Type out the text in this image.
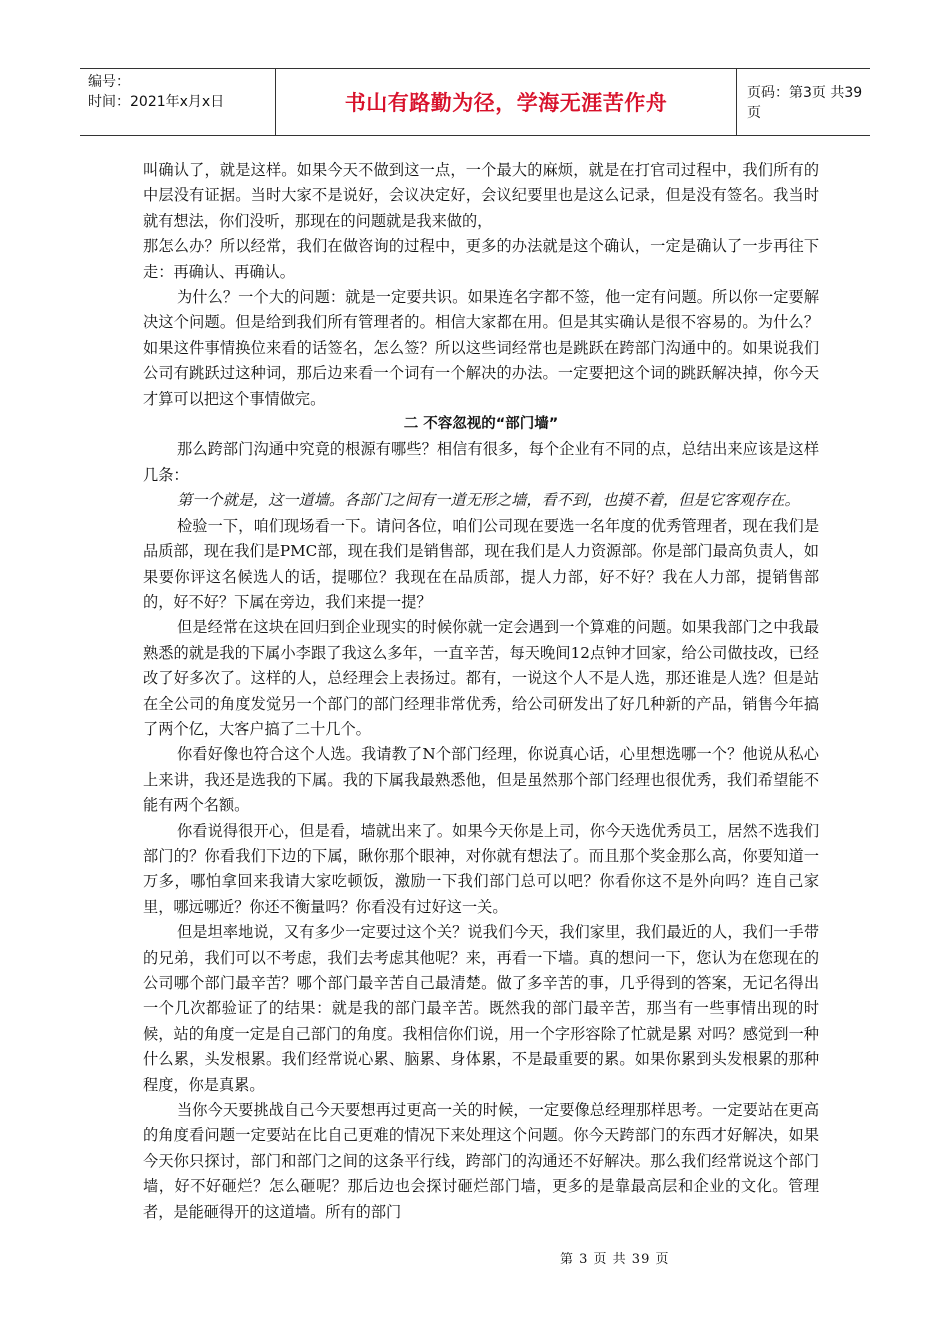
编号：
时间：2021年x月x日	书山有路勤为径，学海无涯苦作舟	页码：第3页 共39页

叫确认了，就是这样。如果今天不做到这一点，一个最大的麻烦，就是在打官司过程中，我们所有的中层没有证据。当时大家不是说好，会议决定好，会议纪要里也是这么记录，但是没有签名。我当时就有想法，你们没听，那现在的问题就是我来做的，

那怎么办？所以经常，我们在做咨询的过程中，更多的办法就是这个确认，一定是确认了一步再往下走：再确认、再确认。

为什么？一个大的问题：就是一定要共识。如果连名字都不签，他一定有问题。所以你一定要解决这个问题。但是给到我们所有管理者的。相信大家都在用。但是其实确认是很不容易的。为什么？如果这件事情换位来看的话签名，怎么签？所以这些词经常也是跳跃在跨部门沟通中的。如果说我们公司有跳跃过这种词，那后边来看一个词有一个解决的办法。一定要把这个词的跳跃解决掉，你今天才算可以把这个事情做完。

二 不容忽视的“部门墙”

那么跨部门沟通中究竟的根源有哪些？相信有很多，每个企业有不同的点，总结出来应该是这样几条：

第一个就是，这一道墙。各部门之间有一道无形之墙，看不到，也摸不着，但是它客观存在。

检验一下，咱们现场看一下。请问各位，咱们公司现在要选一名年度的优秀管理者，现在我们是品质部，现在我们是PMC部，现在我们是销售部，现在我们是人力资源部。你是部门最高负责人，如果要你评这名候选人的话，提哪位？我现在在品质部，提人力部，好不好？我在人力部，提销售部的，好不好？下属在旁边，我们来提一提？

但是经常在这块在回归到企业现实的时候你就一定会遇到一个算难的问题。如果我部门之中我最熟悉的就是我的下属小李跟了我这么多年，一直辛苦，每天晚间12点钟才回家，给公司做技改，已经改了好多次了。这样的人，总经理会上表扬过。都有，一说这个人不是人选，那还谁是人选？但是站在全公司的角度发觉另一个部门的部门经理非常优秀，给公司研发出了好几种新的产品，销售今年搞了两个亿，大客户搞了二十几个。

你看好像也符合这个人选。我请教了N个部门经理，你说真心话，心里想选哪一个？他说从私心上来讲，我还是选我的下属。我的下属我最熟悉他，但是虽然那个部门经理也很优秀，我们希望能不能有两个名额。

你看说得很开心，但是看，墙就出来了。如果今天你是上司，你今天选优秀员工，居然不选我们部门的？你看我们下边的下属，瞅你那个眼神，对你就有想法了。而且那个奖金那么高，你要知道一万多，哪怕拿回来我请大家吃顿饭，激励一下我们部门总可以吧？你看你这不是外向吗？连自己家里，哪远哪近？你还不衡量吗？你看没有过好这一关。

但是坦率地说，又有多少一定要过这个关？说我们今天，我们家里，我们最近的人，我们一手带的兄弟，我们可以不考虑，我们去考虑其他呢？来，再看一下墙。真的想问一下，您认为在您现在的公司哪个部门最辛苦？哪个部门最辛苦自己最清楚。做了多辛苦的事，几乎得到的答案，无记名得出一个几次都验证了的结果：就是我的部门最辛苦。既然我的部门最辛苦，那当有一些事情出现的时候，站的角度一定是自己部门的角度。我相信你们说，用一个字形容除了忙就是累 对吗？感觉到一种什么累，头发根累。我们经常说心累、脑累、身体累，不是最重要的累。如果你累到头发根累的那种程度，你是真累。

当你今天要挑战自己今天要想再过更高一关的时候，一定要像总经理那样思考。一定要站在更高的角度看问题一定要站在比自己更难的情况下来处理这个问题。你今天跨部门的东西才好解决，如果今天你只探讨，部门和部门之间的这条平行线，跨部门的沟通还不好解决。那么我们经常说这个部门墙，好不好砸烂？怎么砸呢？那后边也会探讨砸烂部门墙，更多的是靠最高层和企业的文化。管理者，是能砸得开的这道墙。所有的部门

第 3 页 共 39 页
